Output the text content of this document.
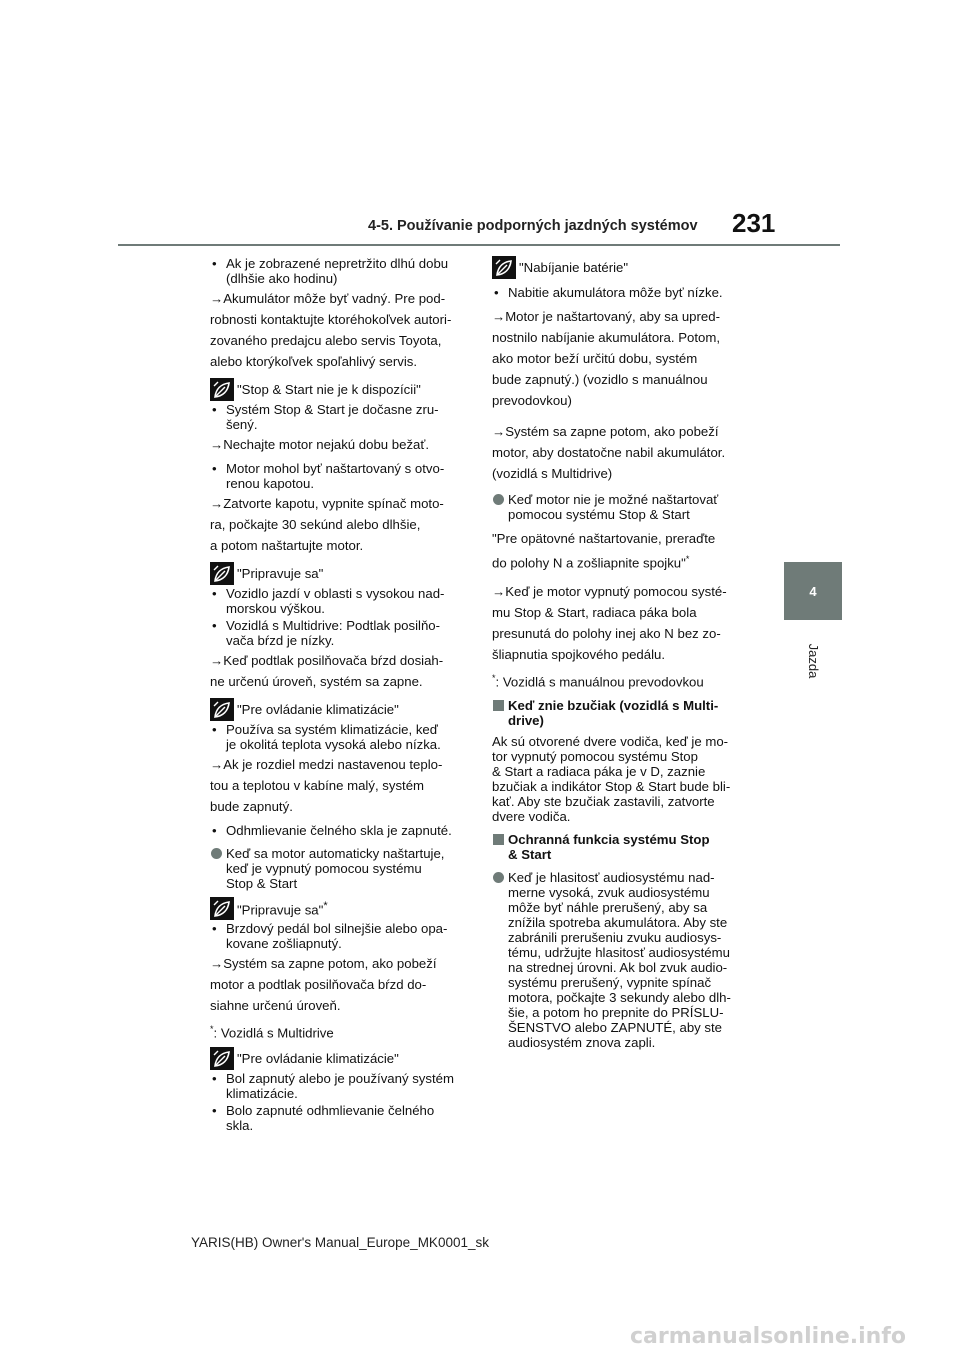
4-5. Používanie podporných jazdných systémov 231
4
Jazda
• Ak je zobrazené nepretržito dlhú dobu
(dlhšie ako hodinu)
→Akumulátor môže byť vadný. Pre pod-
robnosti kontaktujte ktoréhokoľvek autori-
zovaného predajcu alebo servis Toyota,
alebo ktorýkoľvek spoľahlivý servis.
"Stop & Start nie je k dispozícii"
• Systém Stop & Start je dočasne zru-
šený.
→Nechajte motor nejakú dobu bežať.
• Motor mohol byť naštartovaný s otvo-
renou kapotou.
→Zatvorte kapotu, vypnite spínač moto-
ra, počkajte 30 sekúnd alebo dlhšie,
a potom naštartujte motor.
"Pripravuje sa"
• Vozidlo jazdí v oblasti s vysokou nad-
morskou výškou.
• Vozidlá s Multidrive: Podtlak posilňo-
vača bŕzd je nízky.
→Keď podtlak posilňovača bŕzd dosiah-
ne určenú úroveň, systém sa zapne.
"Pre ovládanie klimatizácie"
• Používa sa systém klimatizácie, keď
je okolitá teplota vysoká alebo nízka.
→Ak je rozdiel medzi nastavenou teplo-
tou a teplotou v kabíne malý, systém
bude zapnutý.
• Odhmlievanie čelného skla je zapnuté.
Keď sa motor automaticky naštartuje,
keď je vypnutý pomocou systému
Stop & Start
"Pripravuje sa"*
• Brzdový pedál bol silnejšie alebo opa-
kovane zošliapnutý.
→Systém sa zapne potom, ako pobeží
motor a podtlak posilňovača bŕzd do-
siahne určenú úroveň.
*: Vozidlá s Multidrive
"Pre ovládanie klimatizácie"
• Bol zapnutý alebo je používaný systém
klimatizácie.
• Bolo zapnuté odhmlievanie čelného
skla.
"Nabíjanie batérie"
• Nabitie akumulátora môže byť nízke.
→Motor je naštartovaný, aby sa upred-
nostnilo nabíjanie akumulátora. Potom,
ako motor beží určitú dobu, systém
bude zapnutý.) (vozidlo s manuálnou
prevodovkou)
→Systém sa zapne potom, ako pobeží
motor, aby dostatočne nabil akumulátor.
(vozidlá s Multidrive)
Keď motor nie je možné naštartovať
pomocou systému Stop & Start
"Pre opätovné naštartovanie, preraďte
do polohy N a zošliapnite spojku"*
→Keď je motor vypnutý pomocou systé-
mu Stop & Start, radiaca páka bola
presunutá do polohy inej ako N bez zo-
šliapnutia spojkového pedálu.
*: Vozidlá s manuálnou prevodovkou
Keď znie bzučiak (vozidlá s Multi-
drive)
Ak sú otvorené dvere vodiča, keď je mo-
tor vypnutý pomocou systému Stop
& Start a radiaca páka je v D, zaznie
bzučiak a indikátor Stop & Start bude bli-
kať. Aby ste bzučiak zastavili, zatvorte
dvere vodiča.
Ochranná funkcia systému Stop
& Start
Keď je hlasitosť audiosystému nad-
merne vysoká, zvuk audiosystému
môže byť náhle prerušený, aby sa
znížila spotreba akumulátora. Aby ste
zabránili prerušeniu zvuku audiosys-
tému, udržujte hlasitosť audiosystému
na strednej úrovni. Ak bol zvuk audio-
systému prerušený, vypnite spínač
motora, počkajte 3 sekundy alebo dlh-
šie, a potom ho prepnite do PRÍSLU-
ŠENSTVO alebo ZAPNUTÉ, aby ste
audiosystém znova zapli.
YARIS(HB) Owner's Manual_Europe_MK0001_sk
carmanualsonline.info
